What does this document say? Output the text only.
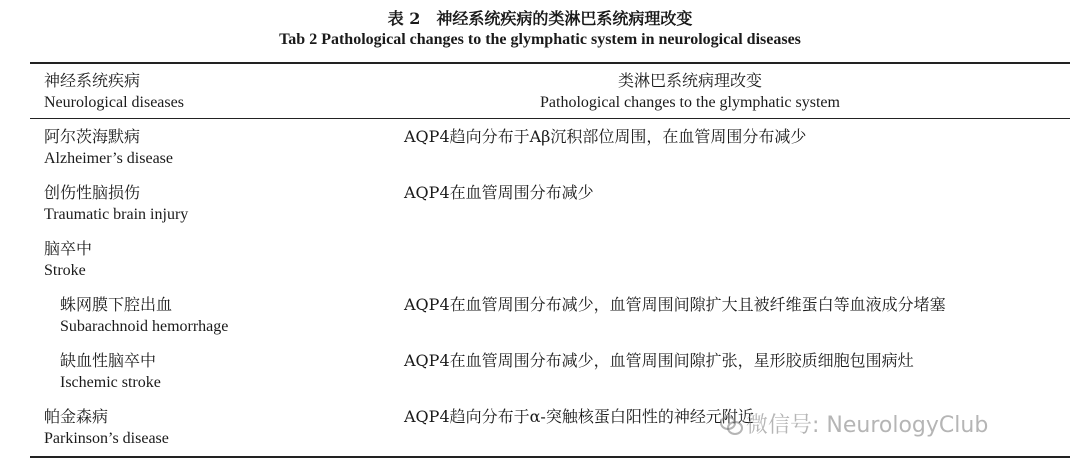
表 2　神经系统疾病的类淋巴系统病理改变
Tab 2 Pathological changes to the glymphatic system in neurological diseases
神经系统疾病
Neurological diseases
类淋巴系统病理改变
Pathological changes to the glymphatic system
阿尔茨海默病
Alzheimer’s disease
AQP4趋向分布于Aβ沉积部位周围，在血管周围分布减少
创伤性脑损伤
Traumatic brain injury
AQP4在血管周围分布减少
脑卒中
Stroke
蛛网膜下腔出血
Subarachnoid hemorrhage
AQP4在血管周围分布减少，血管周围间隙扩大且被纤维蛋白等血液成分堵塞
缺血性脑卒中
Ischemic stroke
AQP4在血管周围分布减少，血管周围间隙扩张，星形胶质细胞包围病灶
帕金森病
Parkinson’s disease
AQP4趋向分布于α-突触核蛋白阳性的神经元附近
微信号: NeurologyClub
